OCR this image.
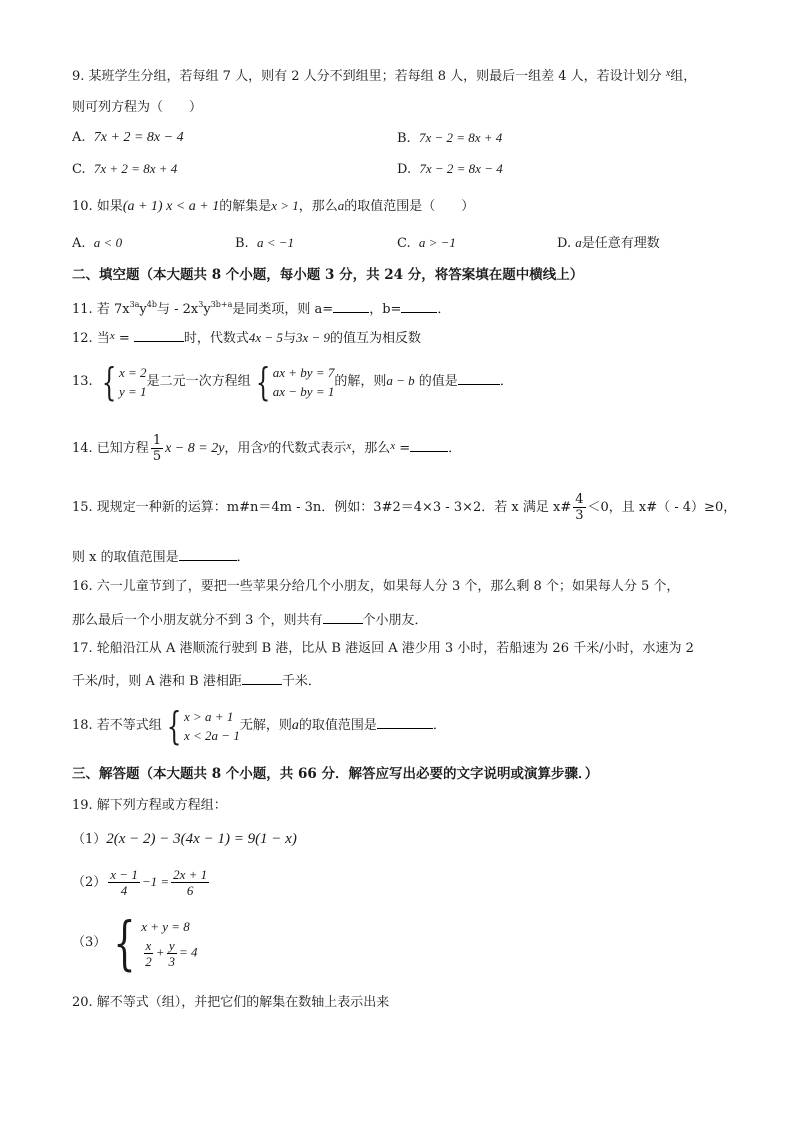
9. 某班学生分组，若每组 7 人，则有 2 人分不到组里；若每组 8 人，则最后一组差 4 人，若设计划分 $^x$组，
则可列方程为（　　）
A. 7x + 2 = 8x − 4	B. 7x − 2 = 8x + 4
C. 7x + 2 = 8x + 4	D. 7x − 2 = 8x − 4
10. 如果(a + 1) x < a + 1的解集是x > 1，那么a的取值范围是（　　）
A. a < 0	B. a < −1	C. a > −1	D. a是任意有理数
二、填空题（本大题共 8 个小题，每小题 3 分，共 24 分，将答案填在题中横线上）
11. 若 $7x^{3a}y^{4b}$与 - $2x^3y^{3b+a}$是同类项，则 a=	，b=	．
12. 当$^x$ =	时，代数式4x − 5与3x − 9的值互为相反数
13. { x = 2
y = 1
是二元一次方程组 { ax + by = 7
ax − by = 1
的解，则a − b 的值是	．
14. 已知方程 $\frac{1}{5}$ x − 8 = 2y，用含$^y$的代数式表示$^x$，那么$^x$ =	．
15. 现规定一种新的运算：m#n＝4m - 3n．例如：3#2＝4×3 - 3×2．若 x 满足 x# $\frac{4}{3} <0$，且 x#（ - 4）≥0，
则 x 的取值范围是	．
16. 六一儿童节到了，要把一些苹果分给几个小朋友，如果每人分 3 个，那么剩 8 个；如果每人分 5 个，
那么最后一个小朋友就分不到 3 个，则共有	个小朋友．
17. 轮船沿江从 A 港顺流行驶到 B 港，比从 B 港返回 A 港少用 3 小时，若船速为 26 千米/小时，水速为 2
千米/时，则 A 港和 B 港相距	千米．
18. 若不等式组 { x > a + 1
x < 2a − 1
无解，则a的取值范围是	．
三、解答题（本大题共 8 个小题，共 66 分．解答应写出必要的文字说明或演算步骤．）
19. 解下列方程或方程组：
（1）2(x − 2) − 3(4x − 1) = 9(1 − x)
$(2) \frac{x - 1}{4} -1 = \frac{2x + 1}{6}$
（3） { x + y = 8
$\frac{x}{2} + \frac{y}{3} = 4$
20. 解不等式（组），并把它们的解集在数轴上表示出来
